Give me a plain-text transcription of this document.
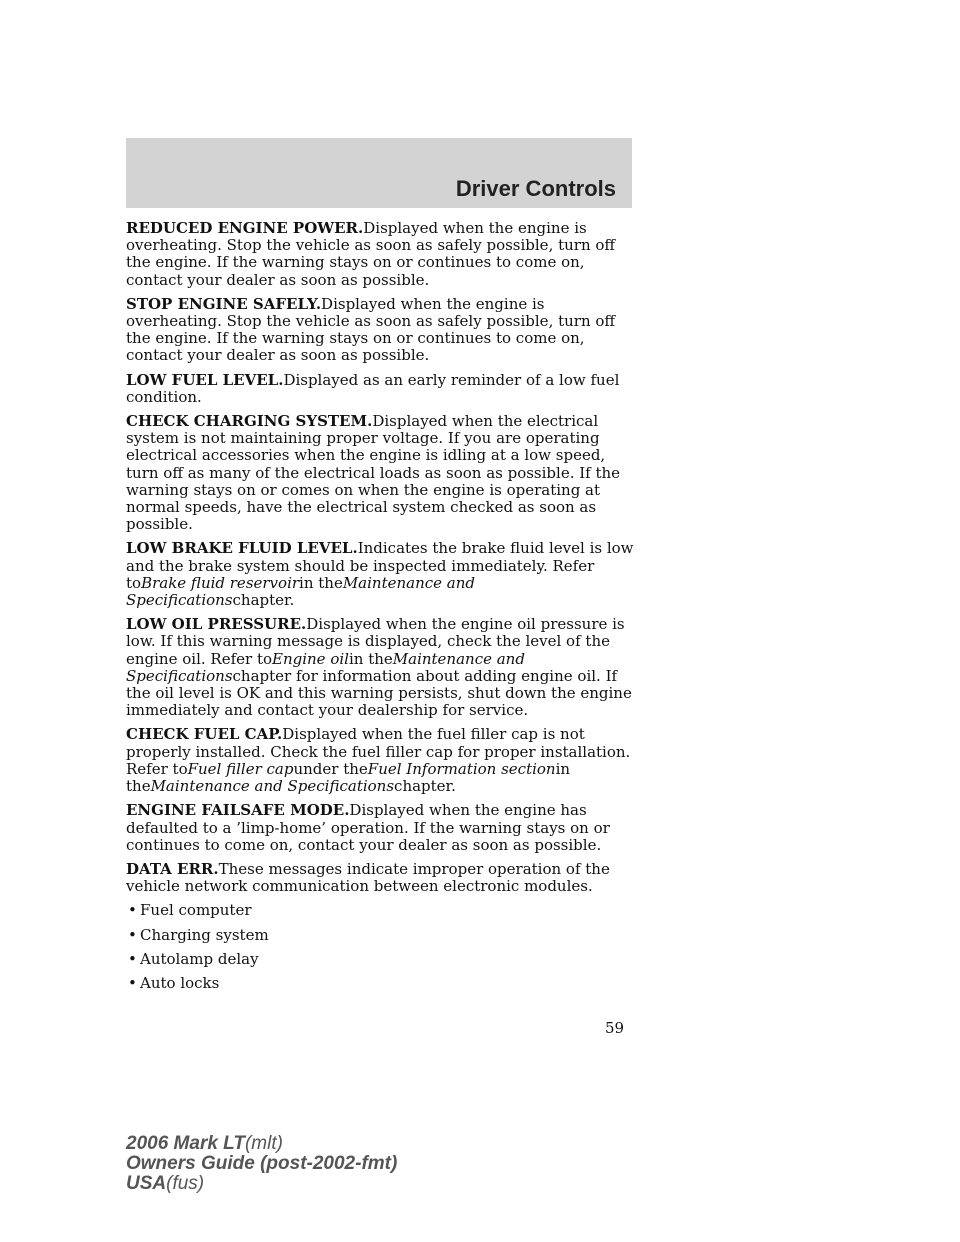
Driver Controls

REDUCED ENGINE POWER.Displayed when the engine is overheating. Stop the vehicle as soon as safely possible, turn off the engine. If the warning stays on or continues to come on, contact your dealer as soon as possible.

STOP ENGINE SAFELY.Displayed when the engine is overheating. Stop the vehicle as soon as safely possible, turn off the engine. If the warning stays on or continues to come on, contact your dealer as soon as possible.

LOW FUEL LEVEL.Displayed as an early reminder of a low fuel condition.

CHECK CHARGING SYSTEM.Displayed when the electrical system is not maintaining proper voltage. If you are operating electrical accessories when the engine is idling at a low speed, turn off as many of the electrical loads as soon as possible. If the warning stays on or comes on when the engine is operating at normal speeds, have the electrical system checked as soon as possible.

LOW BRAKE FLUID LEVEL.Indicates the brake fluid level is low and the brake system should be inspected immediately. Refer toBrake fluid reservoirin theMaintenance and Specificationschapter.

LOW OIL PRESSURE.Displayed when the engine oil pressure is low. If this warning message is displayed, check the level of the engine oil. Refer toEngine oilin theMaintenance and Specificationschapter for information about adding engine oil. If the oil level is OK and this warning persists, shut down the engine immediately and contact your dealership for service.

CHECK FUEL CAP.Displayed when the fuel filler cap is not properly installed. Check the fuel filler cap for proper installation. Refer toFuel filler capunder theFuel Information sectionin theMaintenance and Specificationschapter.

ENGINE FAILSAFE MODE.Displayed when the engine has defaulted to a ’limp-home’ operation. If the warning stays on or continues to come on, contact your dealer as soon as possible.

DATA ERR.These messages indicate improper operation of the vehicle network communication between electronic modules.

• Fuel computer
• Charging system
• Autolamp delay
• Auto locks
59
2006 Mark LT(mlt)
Owners Guide (post-2002-fmt)
USA(fus)
